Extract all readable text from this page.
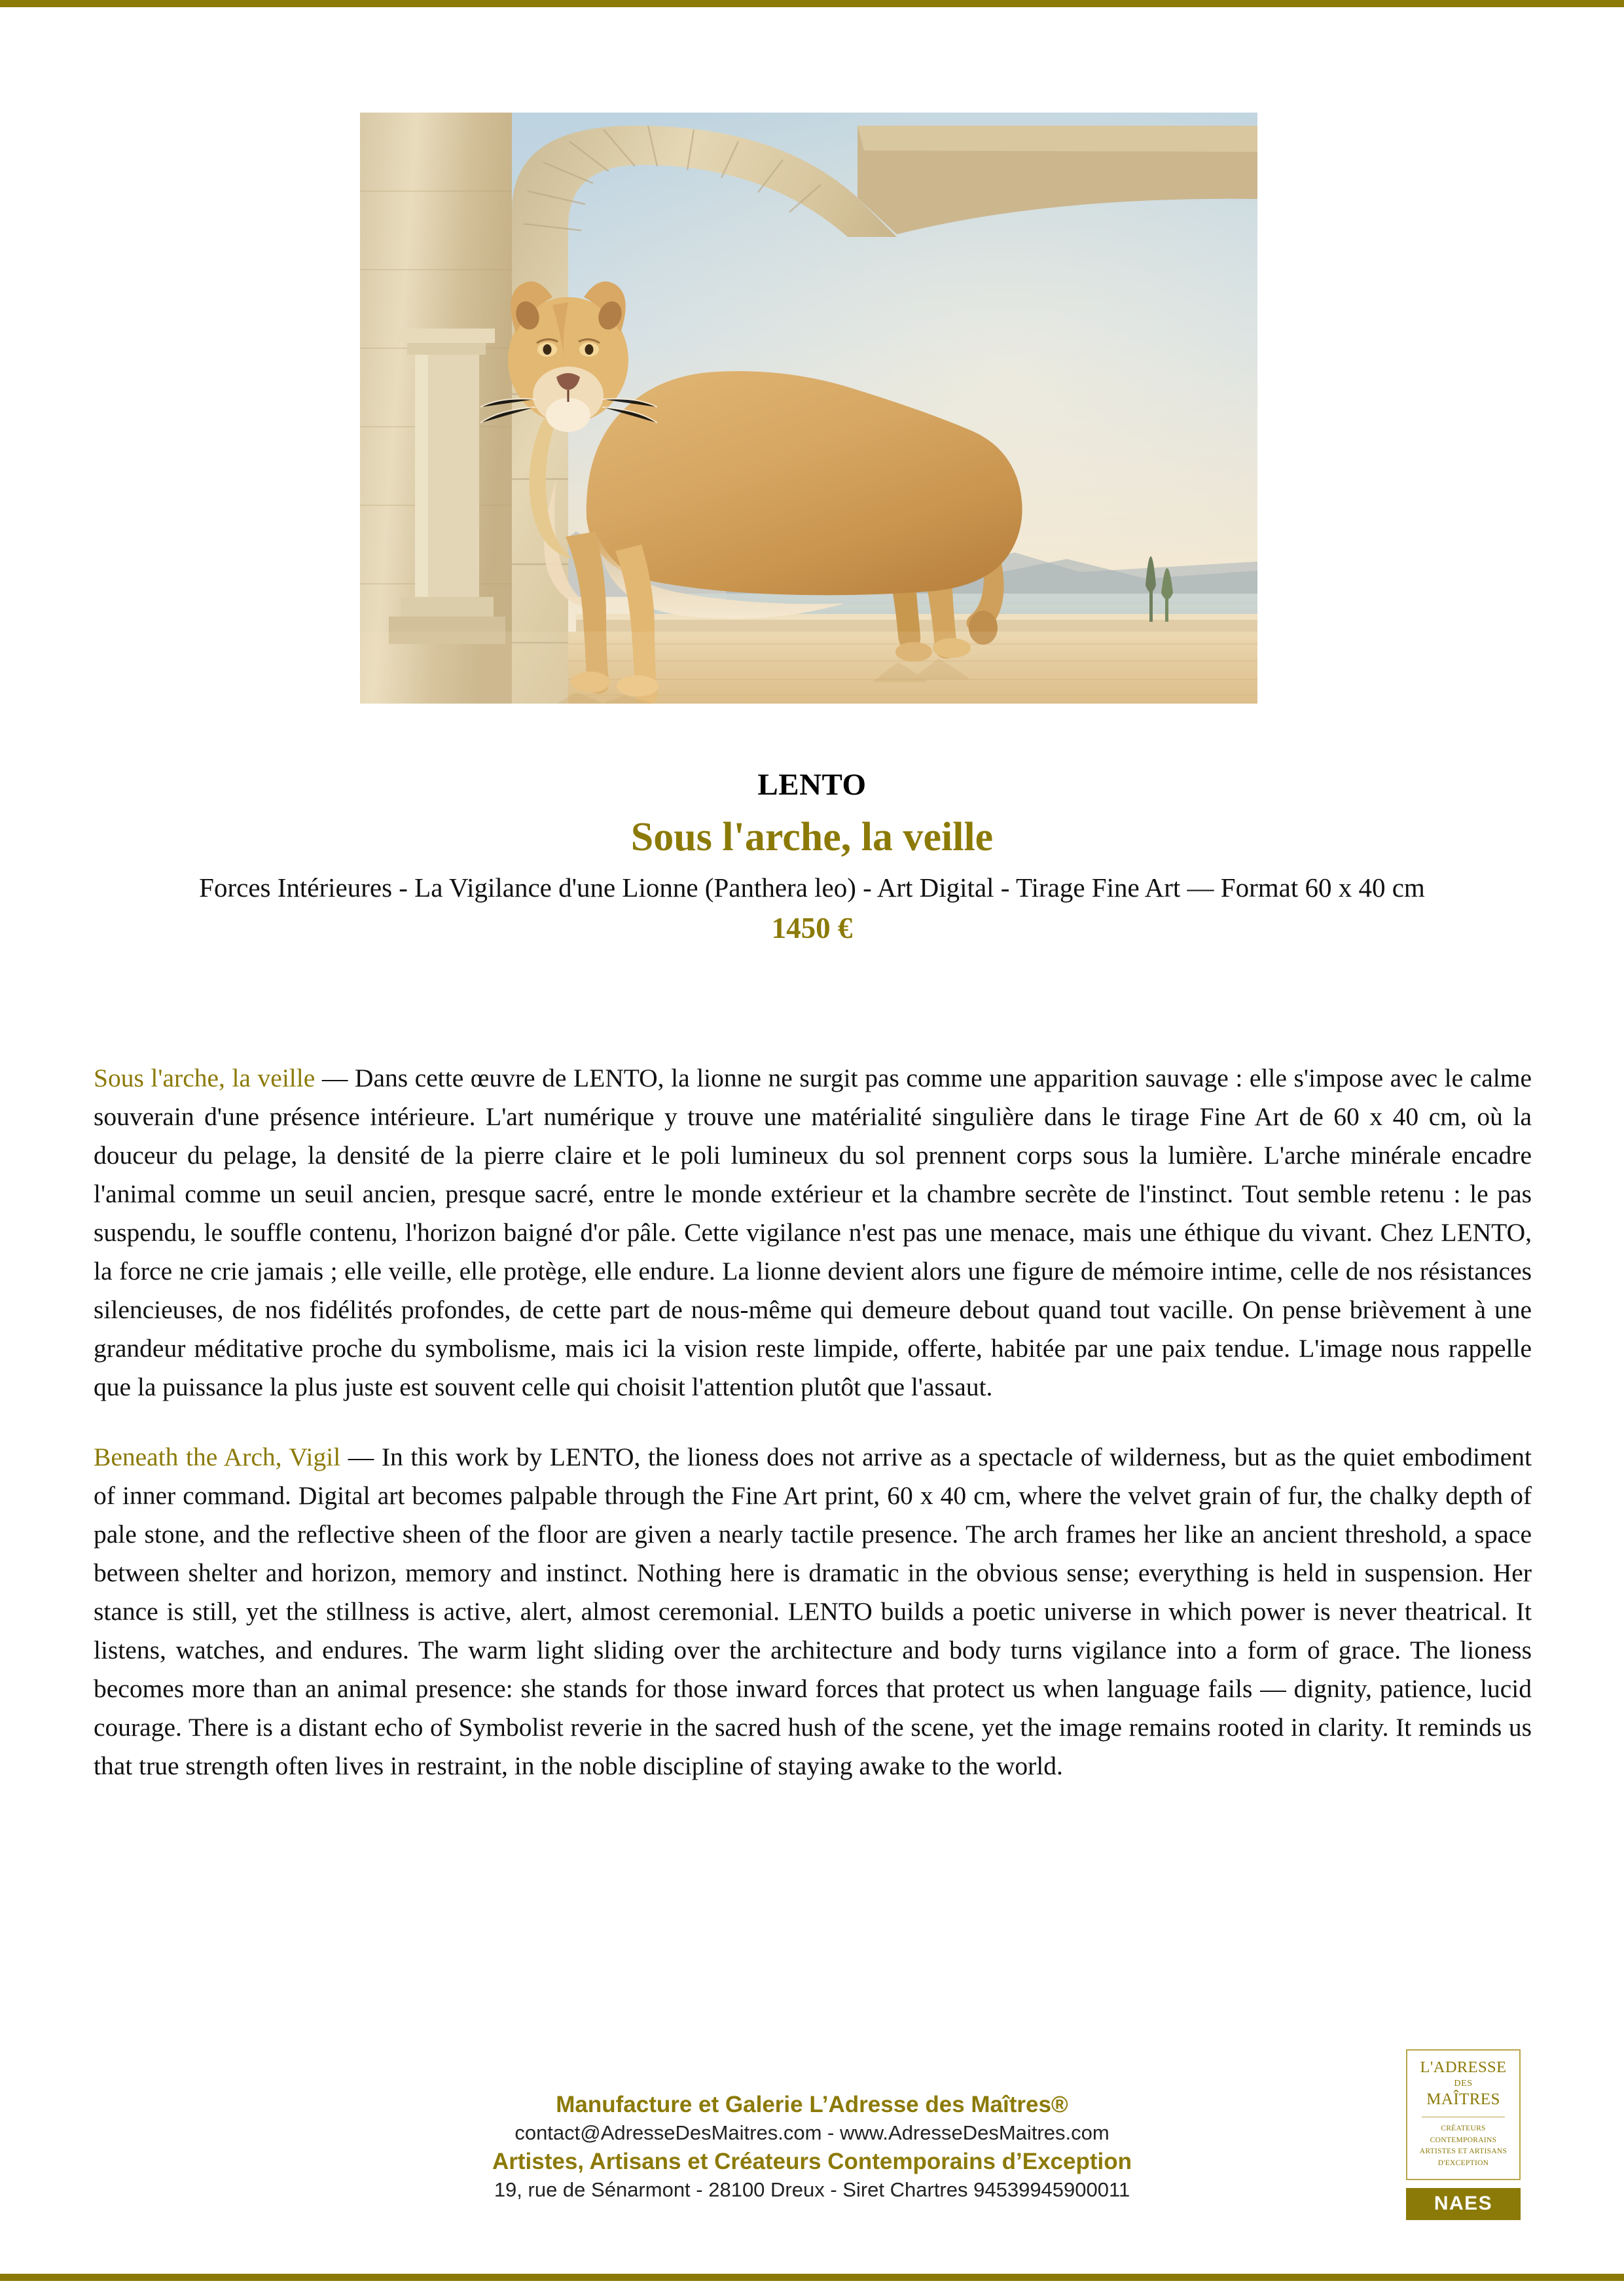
LENTO
Sous l'arche, la veille
Forces Intérieures - La Vigilance d'une Lionne (Panthera leo) - Art Digital - Tirage Fine Art — Format 60 x 40 cm
1450 €

Sous l'arche, la veille — Dans cette œuvre de LENTO, la lionne ne surgit pas comme une apparition sauvage : elle s'impose avec le calme souverain d'une présence intérieure. L'art numérique y trouve une matérialité singulière dans le tirage Fine Art de 60 x 40 cm, où la douceur du pelage, la densité de la pierre claire et le poli lumineux du sol prennent corps sous la lumière. L'arche minérale encadre l'animal comme un seuil ancien, presque sacré, entre le monde extérieur et la chambre secrète de l'instinct. Tout semble retenu : le pas suspendu, le souffle contenu, l'horizon baigné d'or pâle. Cette vigilance n'est pas une menace, mais une éthique du vivant. Chez LENTO, la force ne crie jamais ; elle veille, elle protège, elle endure. La lionne devient alors une figure de mémoire intime, celle de nos résistances silencieuses, de nos fidélités profondes, de cette part de nous-même qui demeure debout quand tout vacille. On pense brièvement à une grandeur méditative proche du symbolisme, mais ici la vision reste limpide, offerte, habitée par une paix tendue. L'image nous rappelle que la puissance la plus juste est souvent celle qui choisit l'attention plutôt que l'assaut.

Beneath the Arch, Vigil — In this work by LENTO, the lioness does not arrive as a spectacle of wilderness, but as the quiet embodiment of inner command. Digital art becomes palpable through the Fine Art print, 60 x 40 cm, where the velvet grain of fur, the chalky depth of pale stone, and the reflective sheen of the floor are given a nearly tactile presence. The arch frames her like an ancient threshold, a space between shelter and horizon, memory and instinct. Nothing here is dramatic in the obvious sense; everything is held in suspension. Her stance is still, yet the stillness is active, alert, almost ceremonial. LENTO builds a poetic universe in which power is never theatrical. It listens, watches, and endures. The warm light sliding over the architecture and body turns vigilance into a form of grace. The lioness becomes more than an animal presence: she stands for those inward forces that protect us when language fails — dignity, patience, lucid courage. There is a distant echo of Symbolist reverie in the sacred hush of the scene, yet the image remains rooted in clarity. It reminds us that true strength often lives in restraint, in the noble discipline of staying awake to the world.

Manufacture et Galerie L’Adresse des Maîtres®
contact@AdresseDesMaitres.com - www.AdresseDesMaitres.com
Artistes, Artisans et Créateurs Contemporains d’Exception
19, rue de Sénarmont - 28100 Dreux - Siret Chartres 94539945900011
L'ADRESSE
DES
MAÎTRES
CRÉATEURS CONTEMPORAINS
ARTISTES ET ARTISANS
D'EXCEPTION
NAES
